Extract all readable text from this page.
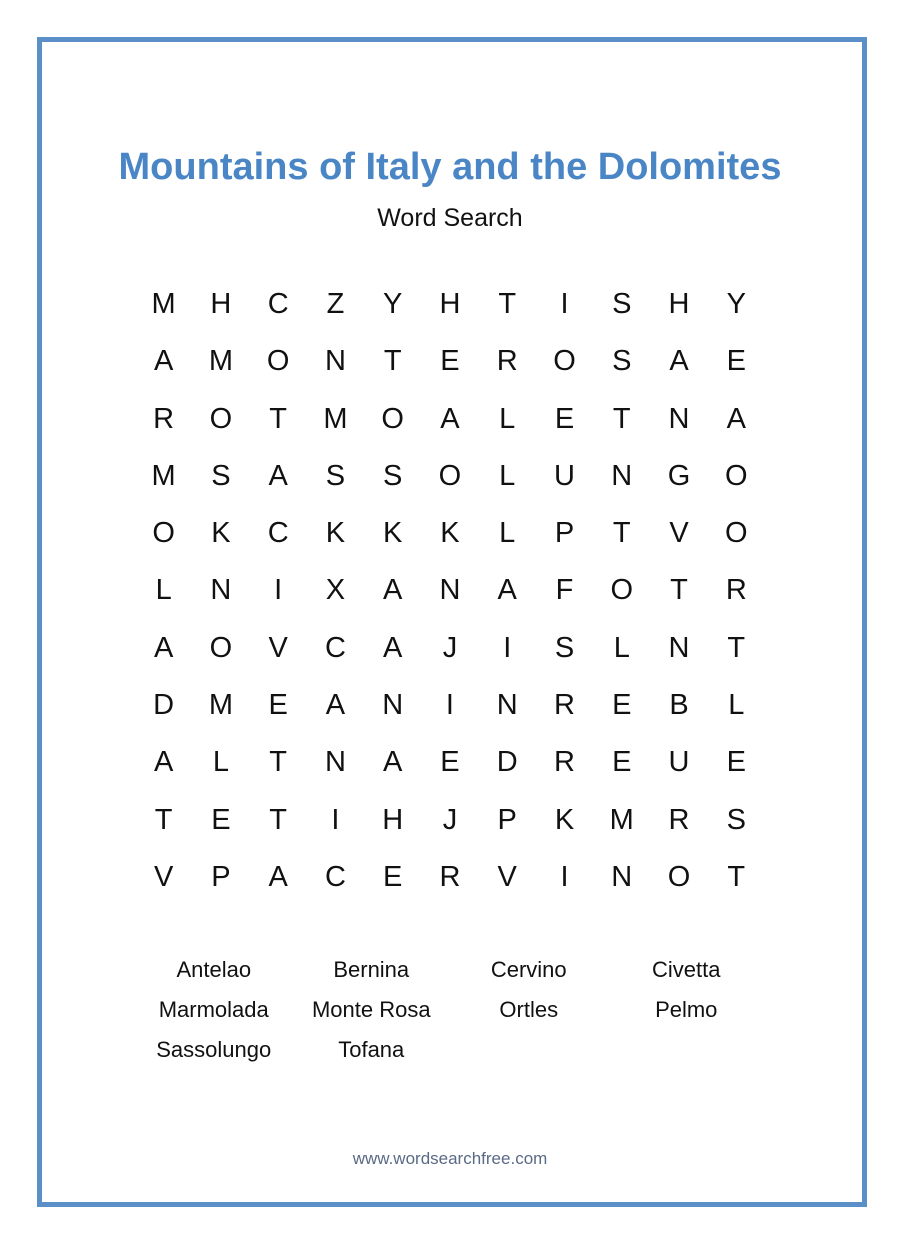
Mountains of Italy and the Dolomites
Word Search
M	H	C	Z	Y	H	T	I	S	H	Y
A	M	O	N	T	E	R	O	S	A	E
R	O	T	M	O	A	L	E	T	N	A
M	S	A	S	S	O	L	U	N	G	O
O	K	C	K	K	K	L	P	T	V	O
L	N	I	X	A	N	A	F	O	T	R
A	O	V	C	A	J	I	S	L	N	T
D	M	E	A	N	I	N	R	E	B	L
A	L	T	N	A	E	D	R	E	U	E
T	E	T	I	H	J	P	K	M	R	S
V	P	A	C	E	R	V	I	N	O	T
Antelao	Bernina	Cervino	Civetta
Marmolada	Monte Rosa	Ortles	Pelmo
Sassolungo	Tofana
www.wordsearchfree.com
